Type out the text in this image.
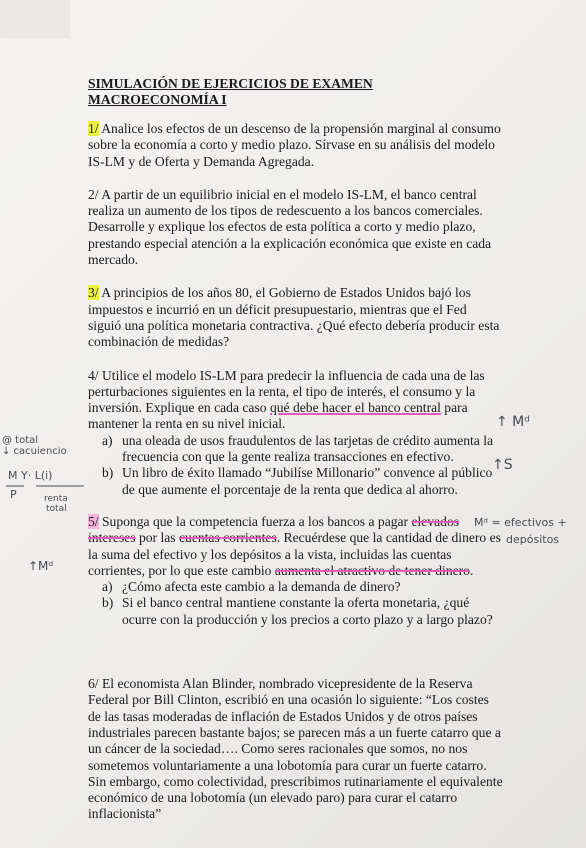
SIMULACIÓN DE EJERCICIOS DE EXAMEN

MACROECONOMÍA I

1/ Analice los efectos de un descenso de la propensión marginal al consumo sobre la economía a corto y medio plazo. Sírvase en su análisis del modelo IS-LM y de Oferta y Demanda Agregada.

2/ A partir de un equilibrio inicial en el modelo IS-LM, el banco central realiza un aumento de los tipos de redescuento a los bancos comerciales. Desarrolle y explique los efectos de esta política a corto y medio plazo, prestando especial atención a la explicación económica que existe en cada mercado.

3/ A principios de los años 80, el Gobierno de Estados Unidos bajó los impuestos e incurrió en un déficit presupuestario, mientras que el Fed siguió una política monetaria contractiva. ¿Qué efecto debería producir esta combinación de medidas?

4/ Utilice el modelo IS-LM para predecir la influencia de cada una de las perturbaciones siguientes en la renta, el tipo de interés, el consumo y la inversión. Explique en cada caso qué debe hacer el banco central para mantener la renta en su nivel inicial.

a) una oleada de usos fraudulentos de las tarjetas de crédito aumenta la frecuencia con que la gente realiza transacciones en efectivo.
b) Un libro de éxito llamado “Jubilíse Millonario” convence al público de que aumente el porcentaje de la renta que dedica al ahorro.

5/ Suponga que la competencia fuerza a los bancos a pagar elevados intereses por las cuentas corrientes. Recuérdese que la cantidad de dinero es la suma del efectivo y los depósitos a la vista, incluidas las cuentas corrientes, por lo que este cambio aumenta el atractivo de tener dinero.

a) ¿Cómo afecta este cambio a la demanda de dinero?
b) Si el banco central mantiene constante la oferta monetaria, ¿qué ocurre con la producción y los precios a corto plazo y a largo plazo?

6/ El economista Alan Blinder, nombrado vicepresidente de la Reserva Federal por Bill Clinton, escribió en una ocasión lo siguiente: “Los costes de las tasas moderadas de inflación de Estados Unidos y de otros países industriales parecen bastante bajos; se parecen más a un fuerte catarro que a un cáncer de la sociedad…. Como seres racionales que somos, no nos sometemos voluntariamente a una lobotomía para curar un fuerte catarro. Sin embargo, como colectividad, prescribimos rutinariamente el equivalente económico de una lobotomía (un elevado paro) para curar el catarro inflacionista”

↑ Mᵈ
↑S
@ total
↓ cacuiencio
M Y· L(i)
P	renta
total
↑Mᵈ
Mᵈ = efectivos +
depósitos
